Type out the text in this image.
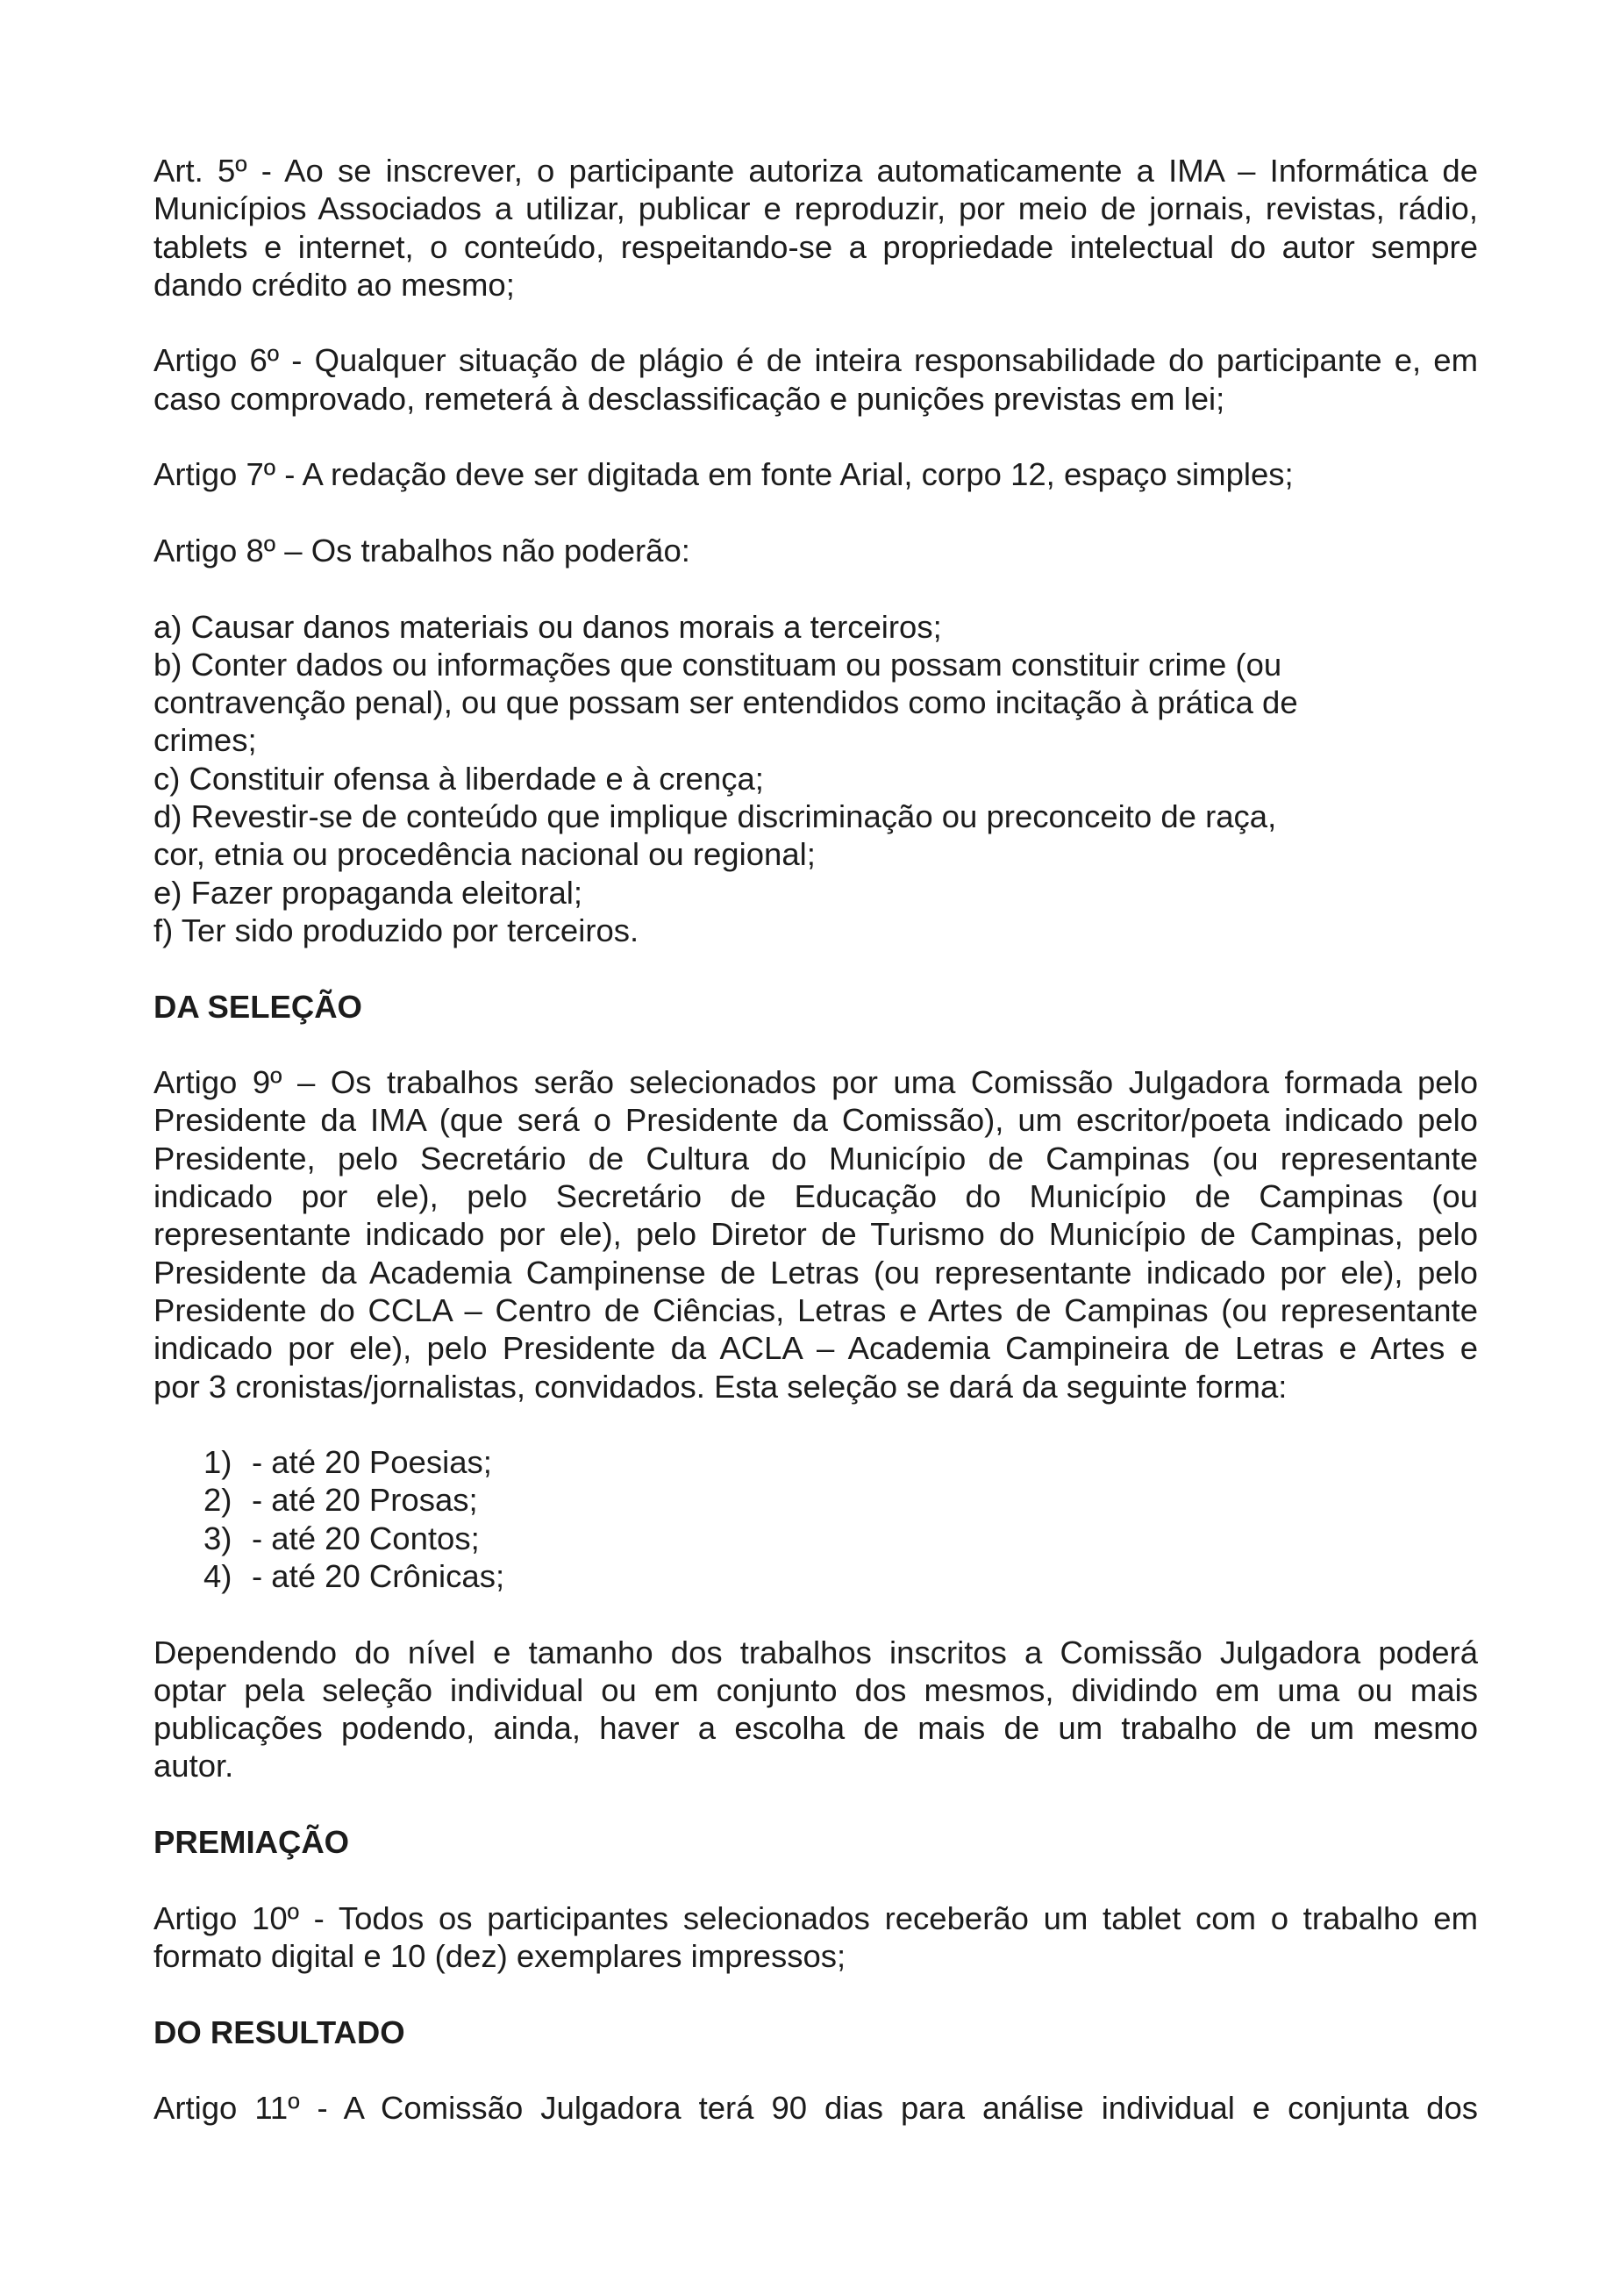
Art. 5º - Ao se inscrever, o participante autoriza automaticamente a IMA – Informática de
Municípios Associados a utilizar, publicar e reproduzir, por meio de jornais, revistas, rádio,
tablets e internet, o conteúdo, respeitando-se a propriedade intelectual do autor sempre
dando crédito ao mesmo;
Artigo 6º - Qualquer situação de plágio é de inteira responsabilidade do participante e, em
caso comprovado, remeterá à desclassificação e punições previstas em lei;
Artigo 7º - A redação deve ser digitada em fonte Arial, corpo 12, espaço simples;
Artigo 8º – Os trabalhos não poderão:
a) Causar danos materiais ou danos morais a terceiros;
b) Conter dados ou informações que constituam ou possam constituir crime (ou
contravenção penal), ou que possam ser entendidos como incitação à prática de
crimes;
c) Constituir ofensa à liberdade e à crença;
d) Revestir-se de conteúdo que implique discriminação ou preconceito de raça,
cor, etnia ou procedência nacional ou regional;
e) Fazer propaganda eleitoral;
f) Ter sido produzido por terceiros.
DA SELEÇÃO
Artigo 9º – Os trabalhos serão selecionados por uma Comissão Julgadora formada pelo
Presidente da IMA (que será o Presidente da Comissão), um escritor/poeta indicado pelo
Presidente, pelo Secretário de Cultura do Município de Campinas (ou representante
indicado por ele), pelo Secretário de Educação do Município de Campinas (ou
representante indicado por ele), pelo Diretor de Turismo do Município de Campinas, pelo
Presidente da Academia Campinense de Letras (ou representante indicado por ele), pelo
Presidente do CCLA – Centro de Ciências, Letras e Artes de Campinas (ou representante
indicado por ele), pelo Presidente da ACLA – Academia Campineira de Letras e Artes e
por 3 cronistas/jornalistas, convidados. Esta seleção se dará da seguinte forma:
1) - até 20 Poesias;
2) - até 20 Prosas;
3) - até 20 Contos;
4) - até 20 Crônicas;
Dependendo do nível e tamanho dos trabalhos inscritos a Comissão Julgadora poderá
optar pela seleção individual ou em conjunto dos mesmos, dividindo em uma ou mais
publicações podendo, ainda, haver a escolha de mais de um trabalho de um mesmo
autor.
PREMIAÇÃO
Artigo 10º - Todos os participantes selecionados receberão um tablet com o trabalho em
formato digital e 10 (dez) exemplares impressos;
DO RESULTADO
Artigo 11º - A Comissão Julgadora terá 90 dias para análise individual e conjunta dos
